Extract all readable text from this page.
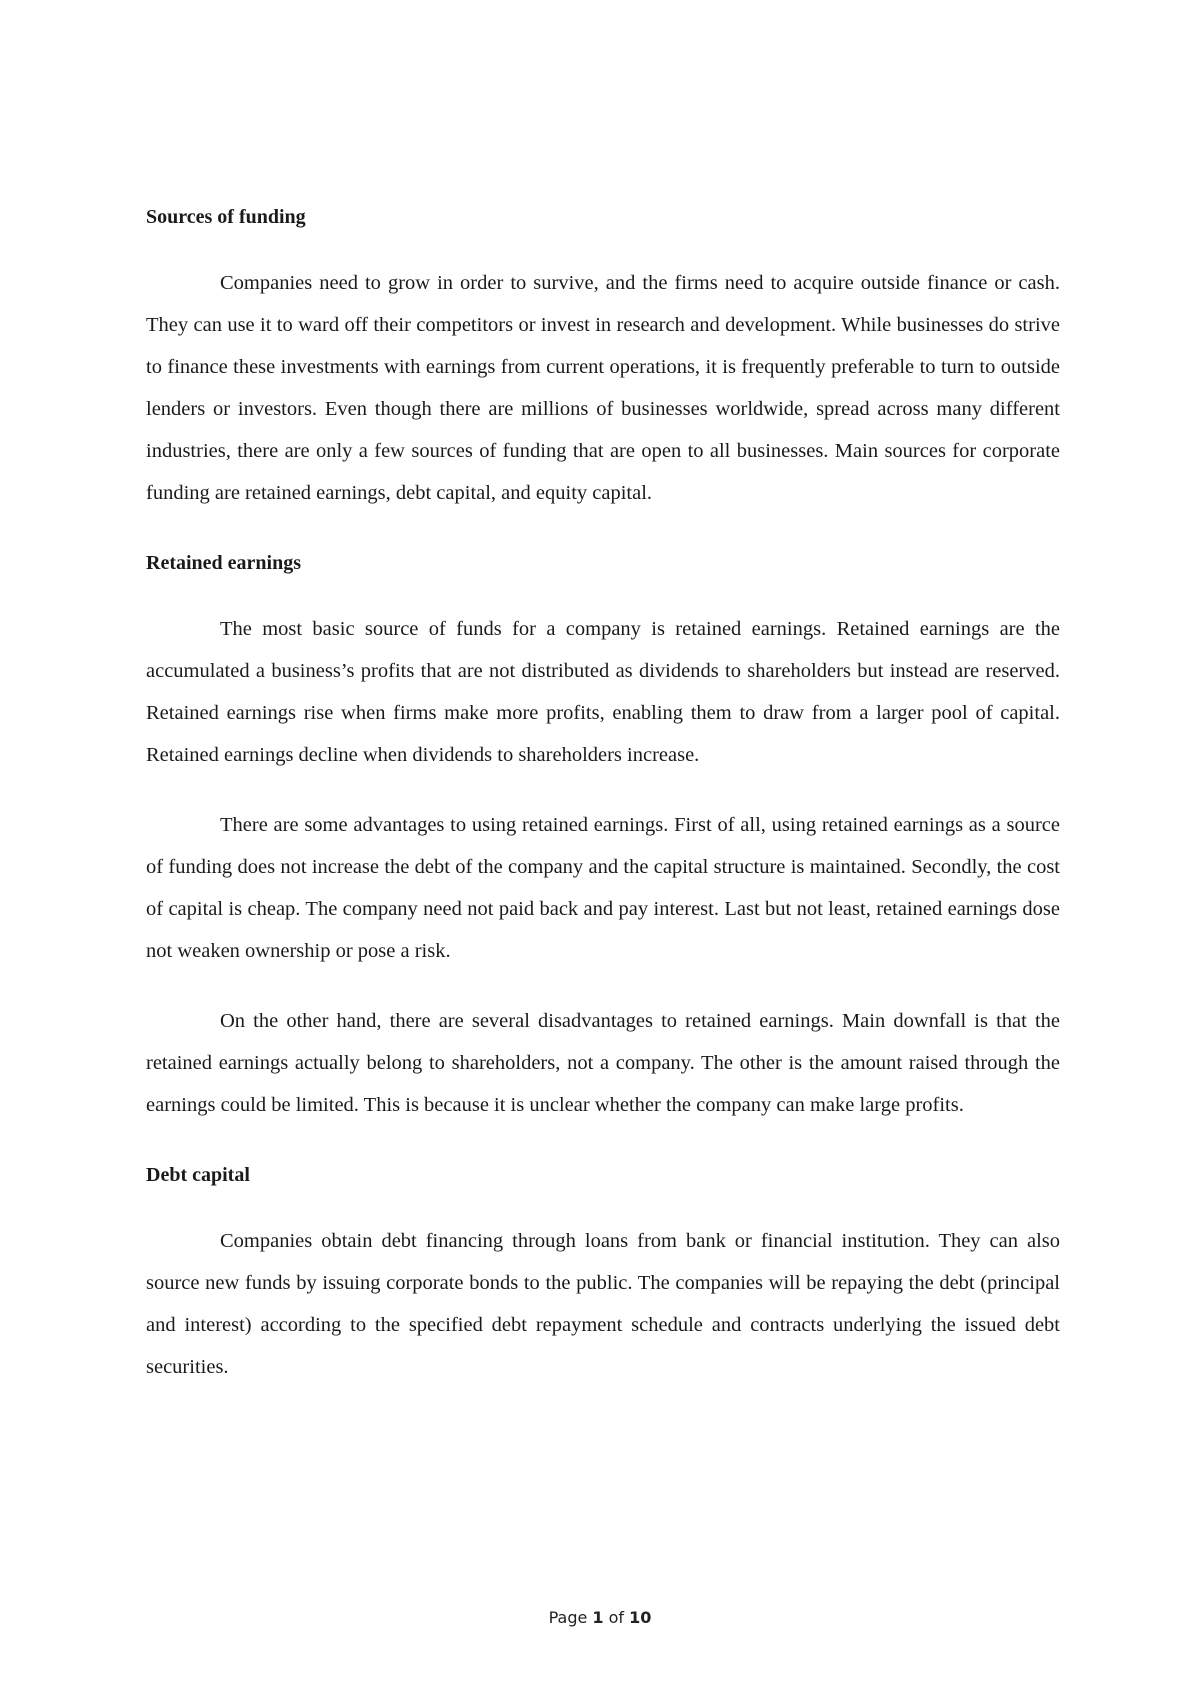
Sources of funding

Companies need to grow in order to survive, and the firms need to acquire outside finance or cash. They can use it to ward off their competitors or invest in research and development. While businesses do strive to finance these investments with earnings from current operations, it is frequently preferable to turn to outside lenders or investors. Even though there are millions of businesses worldwide, spread across many different industries, there are only a few sources of funding that are open to all businesses. Main sources for corporate funding are retained earnings, debt capital, and equity capital.

Retained earnings

The most basic source of funds for a company is retained earnings. Retained earnings are the accumulated a business’s profits that are not distributed as dividends to shareholders but instead are reserved. Retained earnings rise when firms make more profits, enabling them to draw from a larger pool of capital. Retained earnings decline when dividends to shareholders increase.

There are some advantages to using retained earnings. First of all, using retained earnings as a source of funding does not increase the debt of the company and the capital structure is maintained. Secondly, the cost of capital is cheap. The company need not paid back and pay interest. Last but not least, retained earnings dose not weaken ownership or pose a risk.

On the other hand, there are several disadvantages to retained earnings. Main downfall is that the retained earnings actually belong to shareholders, not a company. The other is the amount raised through the earnings could be limited. This is because it is unclear whether the company can make large profits.

Debt capital

Companies obtain debt financing through loans from bank or financial institution. They can also source new funds by issuing corporate bonds to the public. The companies will be repaying the debt (principal and interest) according to the specified debt repayment schedule and contracts underlying the issued debt securities.

Page 1 of 10
